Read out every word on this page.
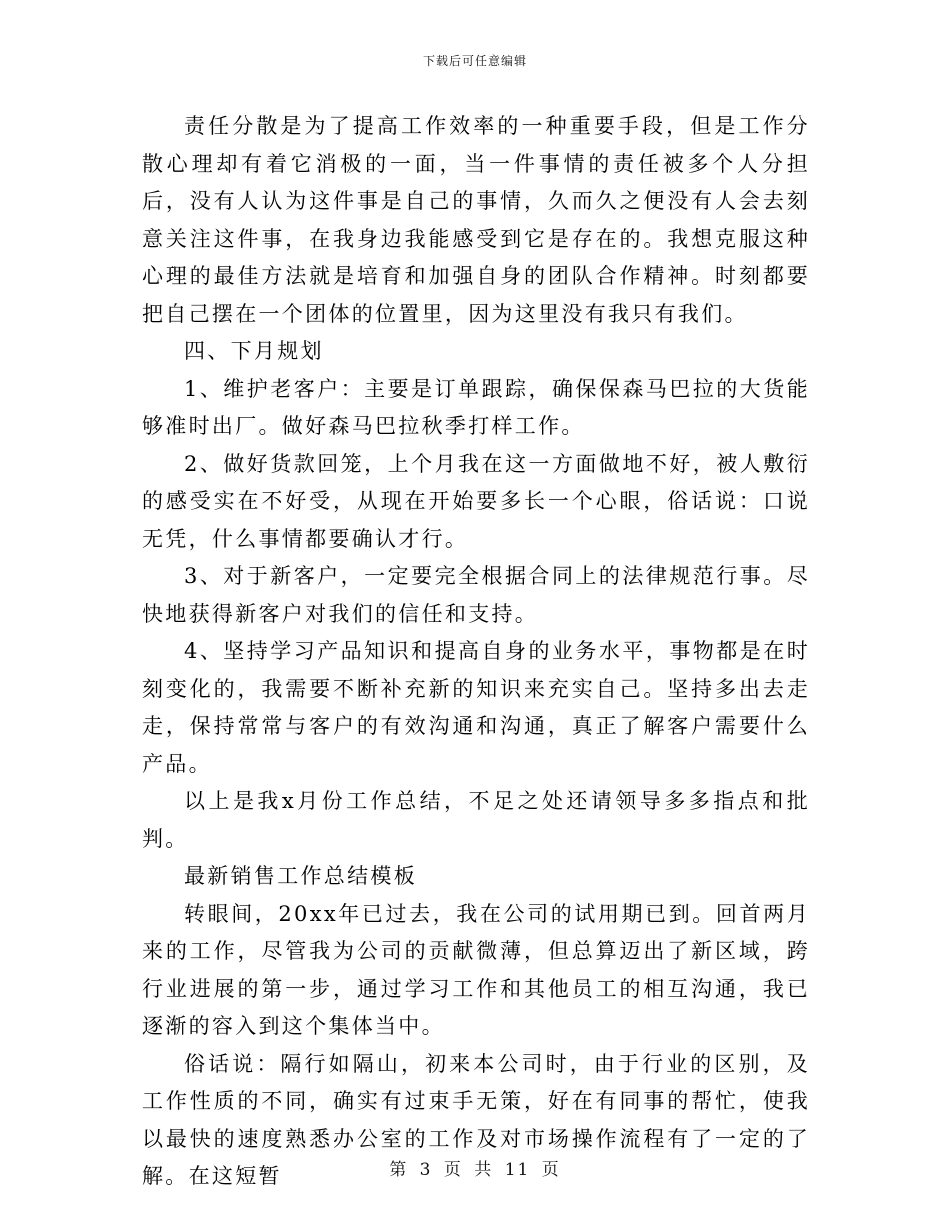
下载后可任意编辑

责任分散是为了提高工作效率的一种重要手段，但是工作分散心理却有着它消极的一面，当一件事情的责任被多个人分担后，没有人认为这件事是自己的事情，久而久之便没有人会去刻意关注这件事，在我身边我能感受到它是存在的。我想克服这种心理的最佳方法就是培育和加强自身的团队合作精神。时刻都要把自己摆在一个团体的位置里，因为这里没有我只有我们。

四、下月规划

1、维护老客户：主要是订单跟踪，确保保森马巴拉的大货能够准时出厂。做好森马巴拉秋季打样工作。

2、做好货款回笼，上个月我在这一方面做地不好，被人敷衍的感受实在不好受，从现在开始要多长一个心眼，俗话说：口说无凭，什么事情都要确认才行。

3、对于新客户，一定要完全根据合同上的法律规范行事。尽快地获得新客户对我们的信任和支持。

4、坚持学习产品知识和提高自身的业务水平，事物都是在时刻变化的，我需要不断补充新的知识来充实自己。坚持多出去走走，保持常常与客户的有效沟通和沟通，真正了解客户需要什么产品。

以上是我x月份工作总结，不足之处还请领导多多指点和批判。

最新销售工作总结模板

转眼间，20xx年已过去，我在公司的试用期已到。回首两月来的工作，尽管我为公司的贡献微薄，但总算迈出了新区域，跨行业进展的第一步，通过学习工作和其他员工的相互沟通，我已逐渐的容入到这个集体当中。

俗话说：隔行如隔山，初来本公司时，由于行业的区别，及工作性质的不同，确实有过束手无策，好在有同事的帮忙，使我以最快的速度熟悉办公室的工作及对市场操作流程有了一定的了解。在这短暂	第 3 页 共 11 页
